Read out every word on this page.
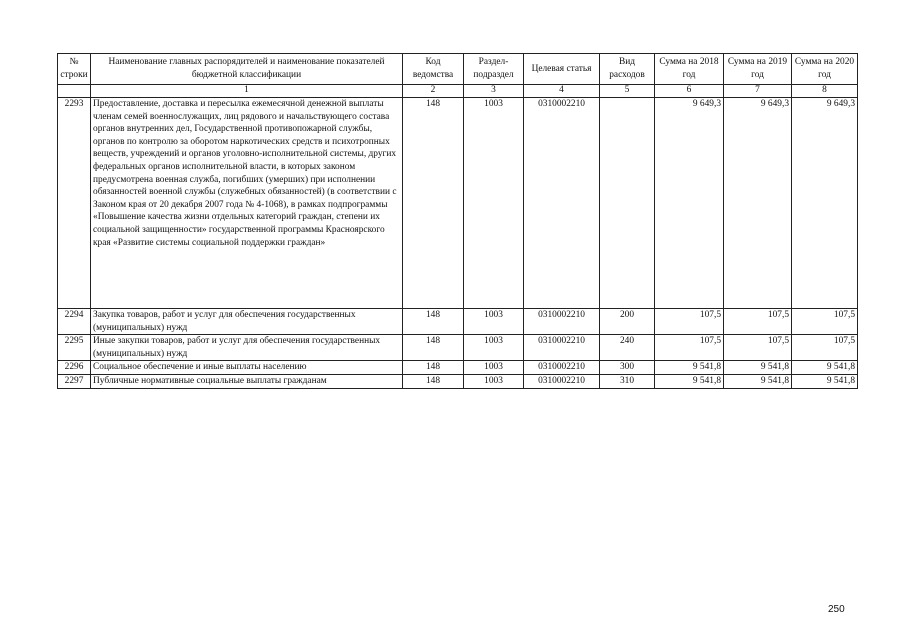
№ строки	Наименование главных распорядителей и наименование показателей бюджетной классификации	Код ведомства	Раздел-подраздел	Целевая статья	Вид расходов	Сумма на 2018 год	Сумма на 2019 год	Сумма на 2020 год
	1	2	3	4	5	6	7	8
2293	Предоставление, доставка и пересылка ежемесячной денежной выплаты членам семей военнослужащих, лиц рядового и начальствующего состава органов внутренних дел, Государственной противопожарной службы, органов по контролю за оборотом наркотических средств и психотропных веществ, учреждений и органов уголовно-исполнительной системы, других федеральных органов исполнительной власти, в которых законом предусмотрена военная служба, погибших (умерших) при исполнении обязанностей военной службы (служебных обязанностей) (в соответствии с Законом края от 20 декабря 2007 года № 4-1068), в рамках подпрограммы «Повышение качества жизни отдельных категорий граждан, степени их социальной защищенности» государственной программы Красноярского края «Развитие системы социальной поддержки граждан»	148	1003	0310002210		9 649,3	9 649,3	9 649,3
2294	Закупка товаров, работ и услуг для обеспечения государственных (муниципальных) нужд	148	1003	0310002210	200	107,5	107,5	107,5
2295	Иные закупки товаров, работ и услуг для обеспечения государственных (муниципальных) нужд	148	1003	0310002210	240	107,5	107,5	107,5
2296	Социальное обеспечение и иные выплаты населению	148	1003	0310002210	300	9 541,8	9 541,8	9 541,8
2297	Публичные нормативные социальные выплаты гражданам	148	1003	0310002210	310	9 541,8	9 541,8	9 541,8
250
